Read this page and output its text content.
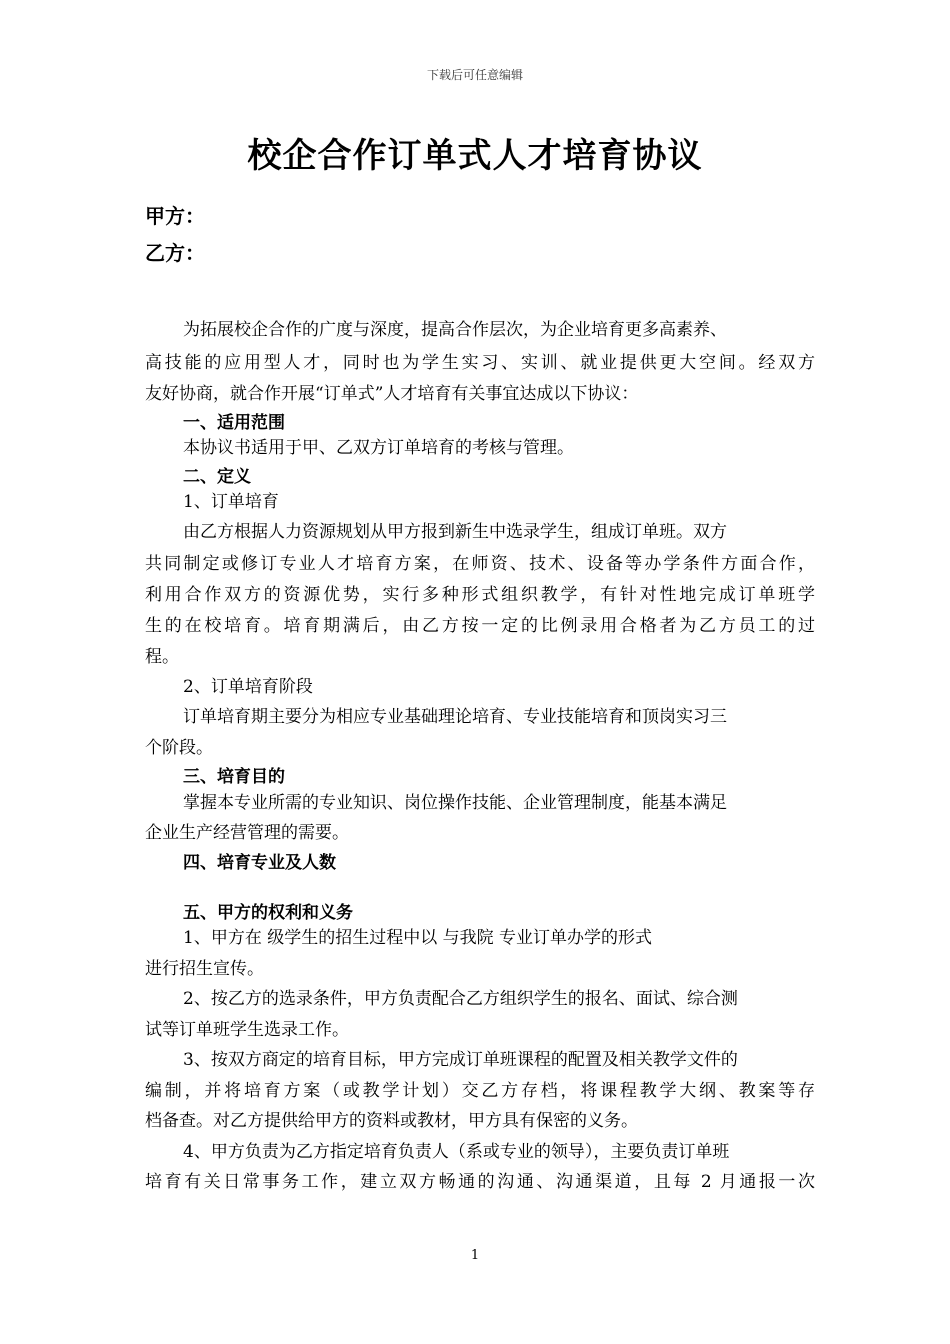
下载后可任意编辑
校企合作订单式人才培育协议
甲方：
乙方：
为拓展校企合作的广度与深度，提高合作层次，为企业培育更多高素养、
高技能的应用型人才，同时也为学生实习、实训、就业提供更大空间。经双方
友好协商，就合作开展“订单式”人才培育有关事宜达成以下协议：
一、适用范围
本协议书适用于甲、乙双方订单培育的考核与管理。
二、定义
1、订单培育
由乙方根据人力资源规划从甲方报到新生中选录学生，组成订单班。双方
共同制定或修订专业人才培育方案，在师资、技术、设备等办学条件方面合作，
利用合作双方的资源优势，实行多种形式组织教学，有针对性地完成订单班学
生的在校培育。培育期满后，由乙方按一定的比例录用合格者为乙方员工的过
程。
2、订单培育阶段
订单培育期主要分为相应专业基础理论培育、专业技能培育和顶岗实习三
个阶段。
三、培育目的
掌握本专业所需的专业知识、岗位操作技能、企业管理制度，能基本满足
企业生产经营管理的需要。
四、培育专业及人数
五、甲方的权利和义务
1、甲方在 级学生的招生过程中以 与我院 专业订单办学的形式
进行招生宣传。
2、按乙方的选录条件，甲方负责配合乙方组织学生的报名、面试、综合测
试等订单班学生选录工作。
3、按双方商定的培育目标，甲方完成订单班课程的配置及相关教学文件的
编制，并将培育方案（或教学计划）交乙方存档，将课程教学大纲、教案等存
档备查。对乙方提供给甲方的资料或教材，甲方具有保密的义务。
4、甲方负责为乙方指定培育负责人（系或专业的领导），主要负责订单班
培育有关日常事务工作，建立双方畅通的沟通、沟通渠道，且每 2 月通报一次
1
